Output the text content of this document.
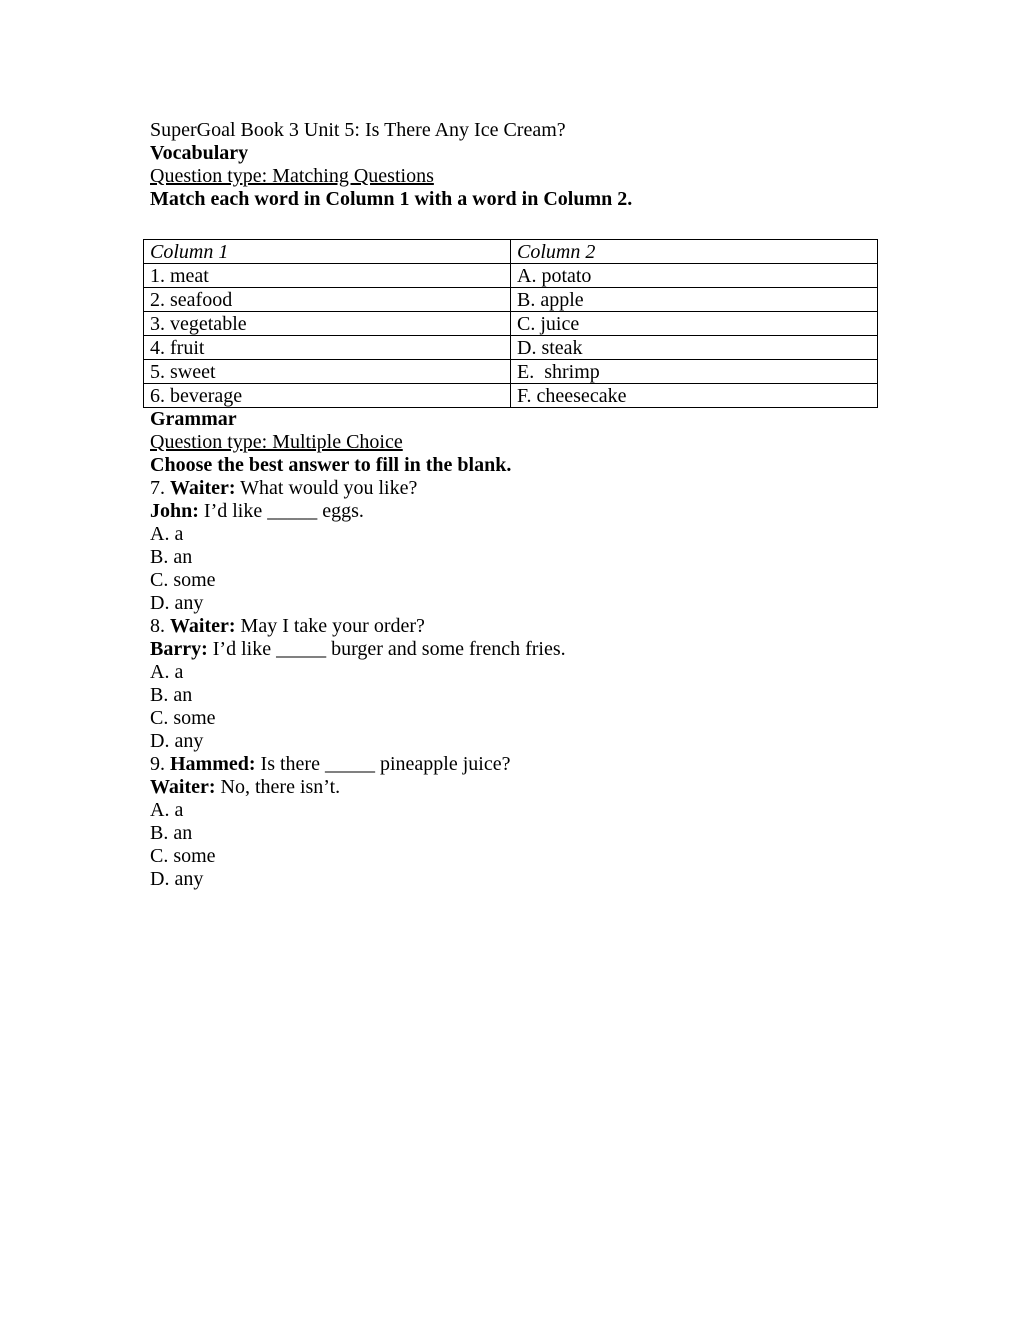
SuperGoal Book 3 Unit 5: Is There Any Ice Cream?

Vocabulary

Question type: Matching Questions

Match each word in Column 1 with a word in Column 2.

Column 1	Column 2
1. meat	A. potato
2. seafood	B. apple
3. vegetable	C. juice
4. fruit	D. steak
5. sweet	E.  shrimp
6. beverage	F. cheesecake

Grammar

Question type: Multiple Choice

Choose the best answer to fill in the blank.

7. Waiter: What would you like?

John: I’d like _____ eggs.

A. a

B. an

C. some

D. any

8. Waiter: May I take your order?

Barry: I’d like _____ burger and some french fries.

A. a

B. an

C. some

D. any

9. Hammed: Is there _____ pineapple juice?

Waiter: No, there isn’t.

A. a

B. an

C. some

D. any
